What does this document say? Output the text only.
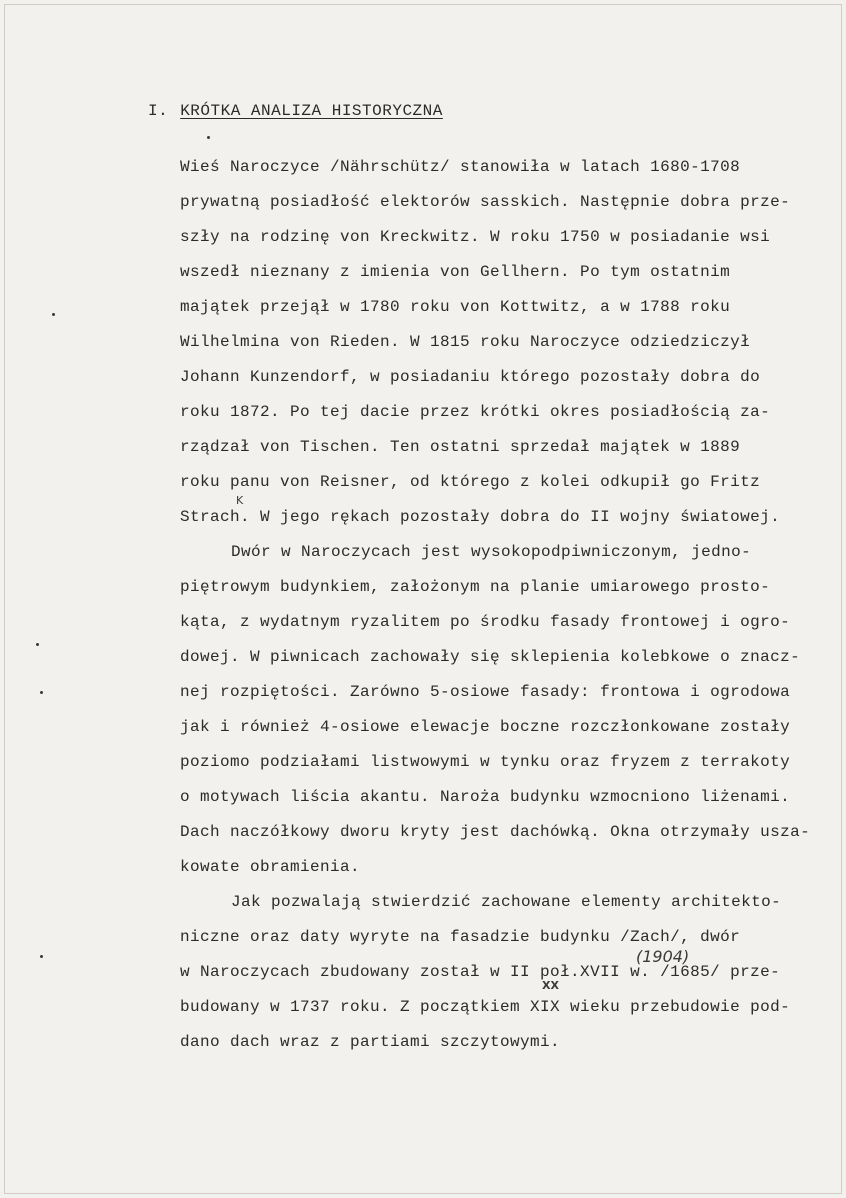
I. KRÓTKA ANALIZA HISTORYCZNA
Wieś Naroczyce /Nährschütz/ stanowiła w latach 1680-1708
prywatną posiadłość elektorów sasskich. Następnie dobra prze-
szły na rodzinę von Kreckwitz. W roku 1750 w posiadanie wsi
wszedł nieznany z imienia von Gellhern. Po tym ostatnim
majątek przejął w 1780 roku von Kottwitz, a w 1788 roku
Wilhelmina von Rieden. W 1815 roku Naroczyce odziedziczył
Johann Kunzendorf, w posiadaniu którego pozostały dobra do
roku 1872. Po tej dacie przez krótki okres posiadłością za-
rządzał von Tischen. Ten ostatni sprzedał majątek w 1889
roku panu von Reisner, od którego z kolei odkupił go Fritz
Strach. W jego rękach pozostały dobra do II wojny światowej.
Dwór w Naroczycach jest wysokopodpiwniczonym, jedno-
piętrowym budynkiem, założonym na planie umiarowego prosto-
kąta, z wydatnym ryzalitem po środku fasady frontowej i ogro-
dowej. W piwnicach zachowały się sklepienia kolebkowe o znacz-
nej rozpiętości. Zarówno 5-osiowe fasady: frontowa i ogrodowa
jak i również 4-osiowe elewacje boczne rozczłonkowane zostały
poziomo podziałami listwowymi w tynku oraz fryzem z terrakoty
o motywach liścia akantu. Naroża budynku wzmocniono liżenami.
Dach naczółkowy dworu kryty jest dachówką. Okna otrzymały usza-
kowate obramienia.
Jak pozwalają stwierdzić zachowane elementy architekto-
niczne oraz daty wyryte na fasadzie budynku /Zach/, dwór
w Naroczycach zbudowany został w II poł.XVII w. /1685/ prze-
budowany w 1737 roku. Z początkiem XIX wieku przebudowie pod-
dano dach wraz z partiami szczytowymi.
K
XX
(1904)
